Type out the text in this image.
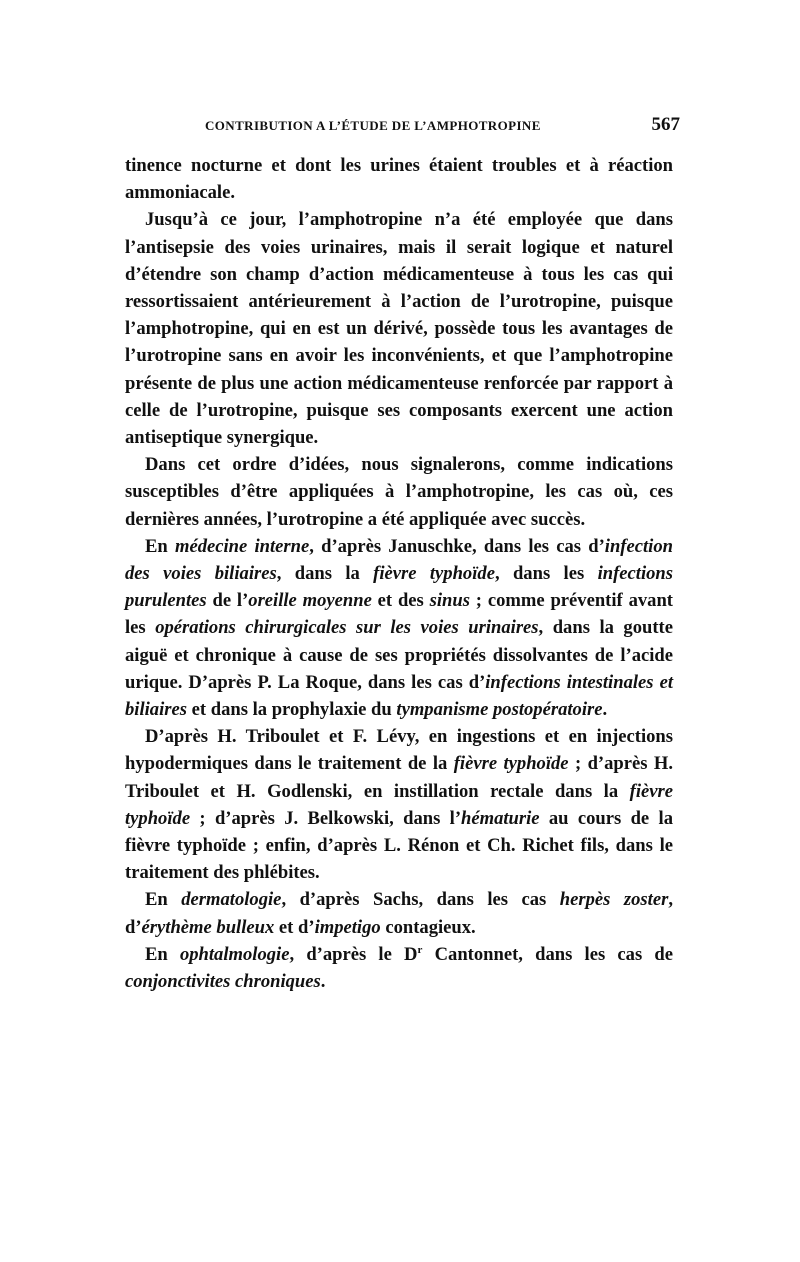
CONTRIBUTION A L’ÉTUDE DE L’AMPHOTROPINE	567

tinence nocturne et dont les urines étaient troubles et à réaction ammoniacale.

Jusqu’à ce jour, l’amphotropine n’a été employée que dans l’antisepsie des voies urinaires, mais il serait logique et naturel d’étendre son champ d’action médicamenteuse à tous les cas qui ressortissaient antérieurement à l’action de l’urotropine, puisque l’amphotropine, qui en est un dérivé, possède tous les avantages de l’urotropine sans en avoir les inconvénients, et que l’amphotropine présente de plus une action médicamenteuse renforcée par rapport à celle de l’urotropine, puisque ses composants exercent une action antiseptique synergique.

Dans cet ordre d’idées, nous signalerons, comme indications susceptibles d’être appliquées à l’amphotropine, les cas où, ces dernières années, l’urotropine a été appliquée avec succès.

En médecine interne, d’après Januschke, dans les cas d’infection des voies biliaires, dans la fièvre typhoïde, dans les infections purulentes de l’oreille moyenne et des sinus ; comme préventif avant les opérations chirurgicales sur les voies urinaires, dans la goutte aiguë et chronique à cause de ses propriétés dissolvantes de l’acide urique. D’après P. La Roque, dans les cas d’infections intestinales et biliaires et dans la prophylaxie du tympanisme postopératoire.

D’après H. Triboulet et F. Lévy, en ingestions et en injections hypodermiques dans le traitement de la fièvre typhoïde ; d’après H. Triboulet et H. Godlenski, en instillation rectale dans la fièvre typhoïde ; d’après J. Belkowski, dans l’hématurie au cours de la fièvre typhoïde ; enfin, d’après L. Rénon et Ch. Richet fils, dans le traitement des phlébites.

En dermatologie, d’après Sachs, dans les cas herpès zoster, d’érythème bulleux et d’impetigo contagieux.

En ophtalmologie, d’après le $D^r$ Cantonnet, dans les cas de conjonctivites chroniques.
